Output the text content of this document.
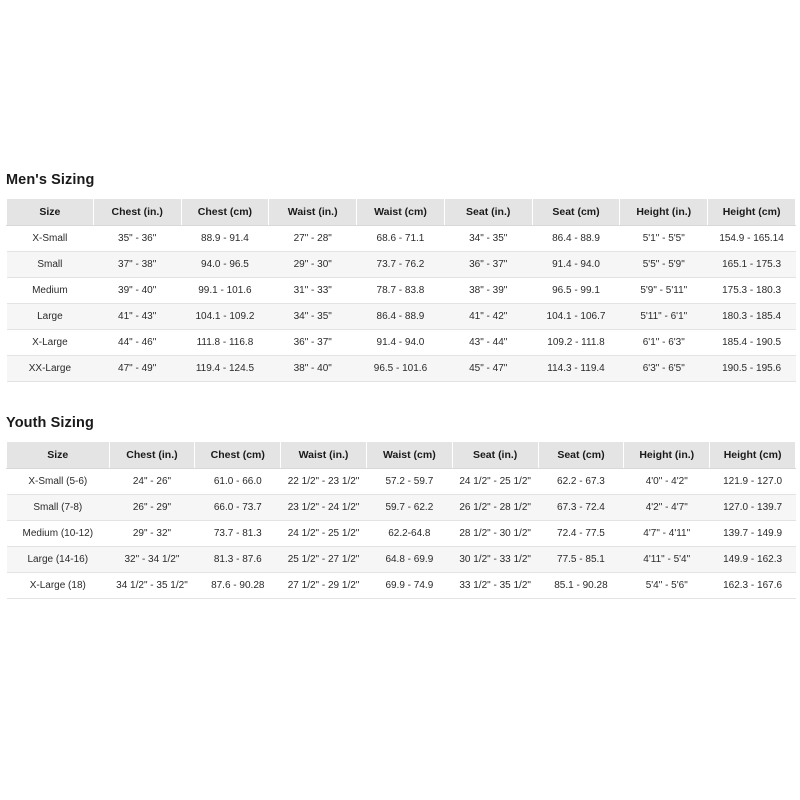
Men's Sizing
Size	Chest (in.)	Chest (cm)	Waist (in.)	Waist (cm)	Seat (in.)	Seat (cm)	Height (in.)	Height (cm)
X-Small	35" - 36"	88.9 - 91.4	27" - 28"	68.6 - 71.1	34" - 35"	86.4 - 88.9	5'1" - 5'5"	154.9 - 165.14
Small	37" - 38"	94.0 - 96.5	29" - 30"	73.7 - 76.2	36" - 37"	91.4 - 94.0	5'5" - 5'9"	165.1 - 175.3
Medium	39" - 40"	99.1 - 101.6	31" - 33"	78.7 - 83.8	38" - 39"	96.5 - 99.1	5'9" - 5'11"	175.3 - 180.3
Large	41" - 43"	104.1 - 109.2	34" - 35"	86.4 - 88.9	41" - 42"	104.1 - 106.7	5'11" - 6'1"	180.3 - 185.4
X-Large	44" - 46"	111.8 - 116.8	36" - 37"	91.4 - 94.0	43" - 44"	109.2 - 111.8	6'1" - 6'3"	185.4 - 190.5
XX-Large	47" - 49"	119.4 - 124.5	38" - 40"	96.5 - 101.6	45" - 47"	114.3 - 119.4	6'3" - 6'5"	190.5 - 195.6
Youth Sizing
Size	Chest (in.)	Chest (cm)	Waist (in.)	Waist (cm)	Seat (in.)	Seat (cm)	Height (in.)	Height (cm)
X-Small (5-6)	24" - 26"	61.0 - 66.0	22 1/2" - 23 1/2"	57.2 - 59.7	24 1/2" - 25 1/2"	62.2 - 67.3	4'0" - 4'2"	121.9 - 127.0
Small (7-8)	26" - 29"	66.0 - 73.7	23 1/2" - 24 1/2"	59.7 - 62.2	26 1/2" - 28 1/2"	67.3 - 72.4	4'2" - 4'7"	127.0 - 139.7
Medium (10-12)	29" - 32"	73.7 - 81.3	24 1/2" - 25 1/2"	62.2-64.8	28 1/2" - 30 1/2"	72.4 - 77.5	4'7" - 4'11"	139.7 - 149.9
Large (14-16)	32" - 34 1/2"	81.3 - 87.6	25 1/2" - 27 1/2"	64.8 - 69.9	30 1/2" - 33 1/2"	77.5 - 85.1	4'11" - 5'4"	149.9 - 162.3
X-Large (18)	34 1/2" - 35 1/2"	87.6 - 90.28	27 1/2" - 29 1/2"	69.9 - 74.9	33 1/2" - 35 1/2"	85.1 - 90.28	5'4" - 5'6"	162.3 - 167.6
